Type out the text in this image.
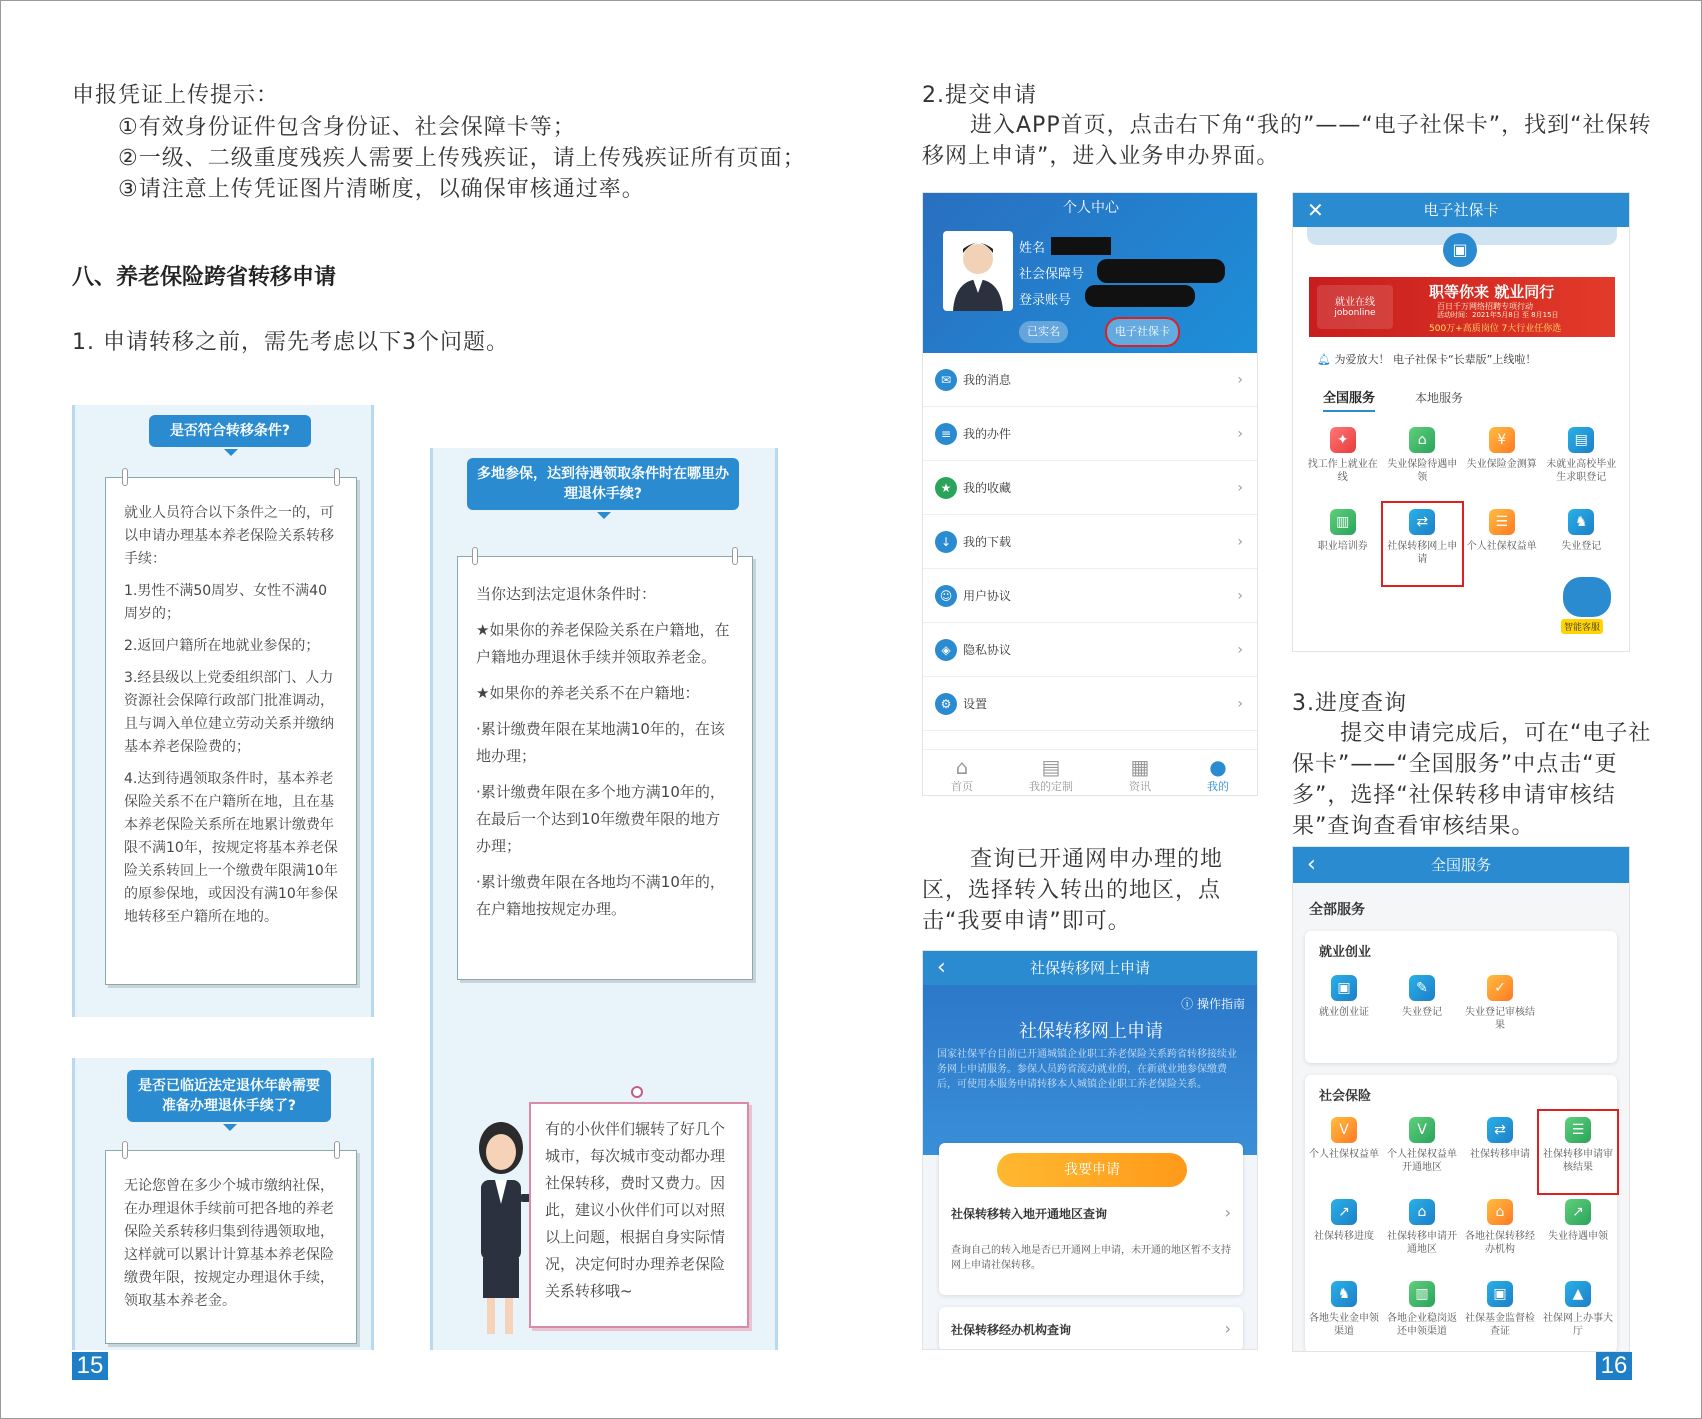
申报凭证上传提示：
①有效身份证件包含身份证、社会保障卡等；
②一级、二级重度残疾人需要上传残疾证，请上传残疾证所有页面；
③请注意上传凭证图片清晰度，以确保审核通过率。
八、养老保险跨省转移申请
1. 申请转移之前，需先考虑以下3个问题。
是否符合转移条件?

就业人员符合以下条件之一的，可以申请办理基本养老保险关系转移手续：

1.男性不满50周岁、女性不满40周岁的；

2.返回户籍所在地就业参保的；

3.经县级以上党委组织部门、人力资源社会保障行政部门批准调动，且与调入单位建立劳动关系并缴纳基本养老保险费的；

4.达到待遇领取条件时，基本养老保险关系不在户籍所在地，且在基本养老保险关系所在地累计缴费年限不满10年，按规定将基本养老保险关系转回上一个缴费年限满10年的原参保地，或因没有满10年参保地转移至户籍所在地的。

多地参保，达到待遇领取条件时在哪里办理退休手续?

当你达到法定退休条件时：

★如果你的养老保险关系在户籍地，在户籍地办理退休手续并领取养老金。

★如果你的养老关系不在户籍地：

·累计缴费年限在某地满10年的，在该地办理；

·累计缴费年限在多个地方满10年的，在最后一个达到10年缴费年限的地方办理；

·累计缴费年限在各地均不满10年的，在户籍地按规定办理。

有的小伙伴们辗转了好几个城市，每次城市变动都办理社保转移，费时又费力。因此，建议小伙伴们可以对照以上问题，根据自身实际情况，决定何时办理养老保险关系转移哦~
是否已临近法定退休年龄需要准备办理退休手续了?

无论您曾在多少个城市缴纳社保，在办理退休手续前可把各地的养老保险关系转移归集到待遇领取地，这样就可以累计计算基本养老保险缴费年限，按规定办理退休手续，领取基本养老金。

15
2.提交申请
进入APP首页，点击右下角“我的”——“电子社保卡”，找到“社保转移网上申请”，进入业务申办界面。
个人中心
姓名
社会保障号
登录账号
已实名	电子社保卡
✉ 我的消息	›
≡ 我的办件	›
★ 我的收藏	›
↓ 我的下载	›
☺ 用户协议	›
◈	隐私协议	›
⚙ 设置	›
⌂
首页
▤
我的定制
▦
资讯
●
我的
✕	电子社保卡
▣
就业在线
jobonline
职等你来 就业同行
百日千万网络招聘专项行动
活动时间：2021年5月8日 至 8月15日
500万+高质岗位 7大行业任你选
🔔︎ 为爱放大！ 电子社保卡“长辈版”上线啦！
全国服务	本地服务
✦
找工作上就业在线
⌂
失业保险待遇申领
¥
失业保险金测算
▤
未就业高校毕业生求职登记
▥
职业培训券
⇄
社保转移网上申请
☰
个人社保权益单
♞
失业登记
智能客服
3.进度查询
提交申请完成后，可在“电子社保卡”——“全国服务”中点击“更多”，选择“社保转移申请审核结果”查询查看审核结果。
查询已开通网申办理的地区，选择转入转出的地区，点击“我要申请”即可。
‹	社保转移网上申请
ⓘ 操作指南
社保转移网上申请
国家社保平台目前已开通城镇企业职工养老保险关系跨省转移接续业务网上申请服务。参保人员跨省流动就业的，在新就业地参保缴费后，可使用本服务申请转移本人城镇企业职工养老保险关系。
我要申请
社保转移转入地开通地区查询	›
查询自己的转入地是否已开通网上申请，未开通的地区暂不支持网上申请社保转移。
社保转移经办机构查询	›
‹	全国服务
全部服务
就业创业
▣
就业创业证
✎
失业登记
✓
失业登记审核结果
社会保险
V
个人社保权益单
V
个人社保权益单开通地区
⇄
社保转移申请
☰
社保转移申请审核结果
↗
社保转移进度
⌂
社保转移申请开通地区
⌂
各地社保转移经办机构
↗
失业待遇申领
♞
各地失业金申领渠道
▥
各地企业稳岗返还申领渠道
▣
社保基金监督检查证
▲
社保网上办事大厅
16
